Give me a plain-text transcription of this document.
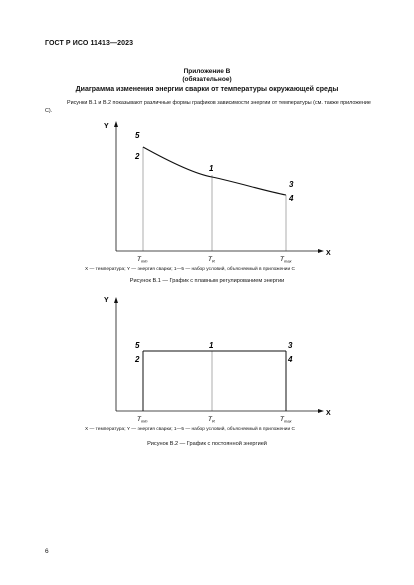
ГОСТ Р ИСО 11413—2023
Приложение В
(обязательное)
Диаграмма изменения энергии сварки от температуры окружающей среды
Рисунки В.1 и В.2 показывают различные формы графиков зависимости энергии от температуры (см. также приложение С).
Y
X
5
2
1
3
4
$T_{min}$	$T_R$	$T_{max}$
X — температура; Y — энергия сварки; 1—5 — набор условий, объясняемый в приложении С
Рисунок В.1 — График с плавным регулированием энергии
Y
X
5
2
1	3
4
$T_{min}$	$T_R$	$T_{max}$
X — температура; Y — энергия сварки; 1—5 — набор условий, объясняемый в приложении С
Рисунок В.2 — График с постоянной энергией
6
